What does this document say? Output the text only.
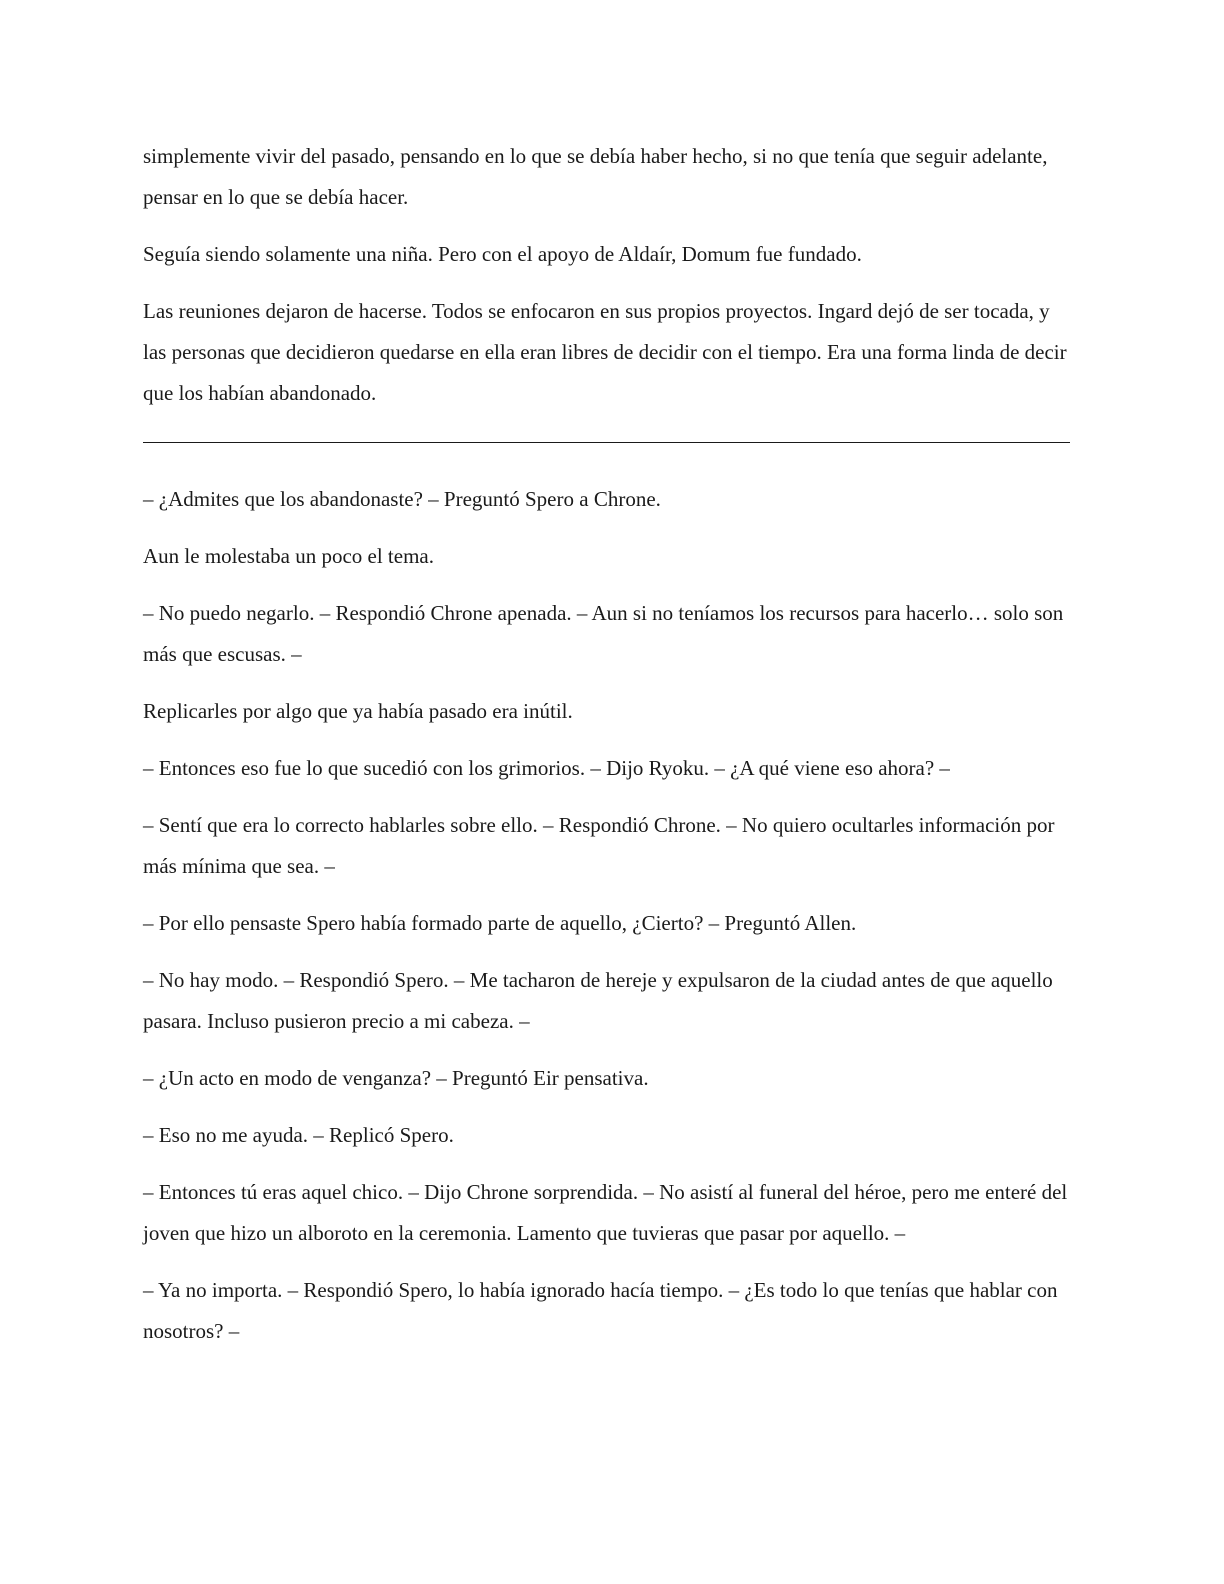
simplemente vivir del pasado, pensando en lo que se debía haber hecho, si no que tenía que seguir adelante, pensar en lo que se debía hacer.

Seguía siendo solamente una niña. Pero con el apoyo de Aldaír, Domum fue fundado.

Las reuniones dejaron de hacerse. Todos se enfocaron en sus propios proyectos. Ingard dejó de ser tocada, y las personas que decidieron quedarse en ella eran libres de decidir con el tiempo. Era una forma linda de decir que los habían abandonado.

– ¿Admites que los abandonaste? – Preguntó Spero a Chrone.

Aun le molestaba un poco el tema.

– No puedo negarlo. – Respondió Chrone apenada. – Aun si no teníamos los recursos para hacerlo… solo son más que escusas. –

Replicarles por algo que ya había pasado era inútil.

– Entonces eso fue lo que sucedió con los grimorios. – Dijo Ryoku. – ¿A qué viene eso ahora? –

– Sentí que era lo correcto hablarles sobre ello. – Respondió Chrone. – No quiero ocultarles información por más mínima que sea. –

– Por ello pensaste Spero había formado parte de aquello, ¿Cierto? – Preguntó Allen.

– No hay modo. – Respondió Spero. – Me tacharon de hereje y expulsaron de la ciudad antes de que aquello pasara. Incluso pusieron precio a mi cabeza. –

– ¿Un acto en modo de venganza? – Preguntó Eir pensativa.

– Eso no me ayuda. – Replicó Spero.

– Entonces tú eras aquel chico. – Dijo Chrone sorprendida. – No asistí al funeral del héroe, pero me enteré del joven que hizo un alboroto en la ceremonia. Lamento que tuvieras que pasar por aquello. –

– Ya no importa. – Respondió Spero, lo había ignorado hacía tiempo. – ¿Es todo lo que tenías que hablar con nosotros? –
